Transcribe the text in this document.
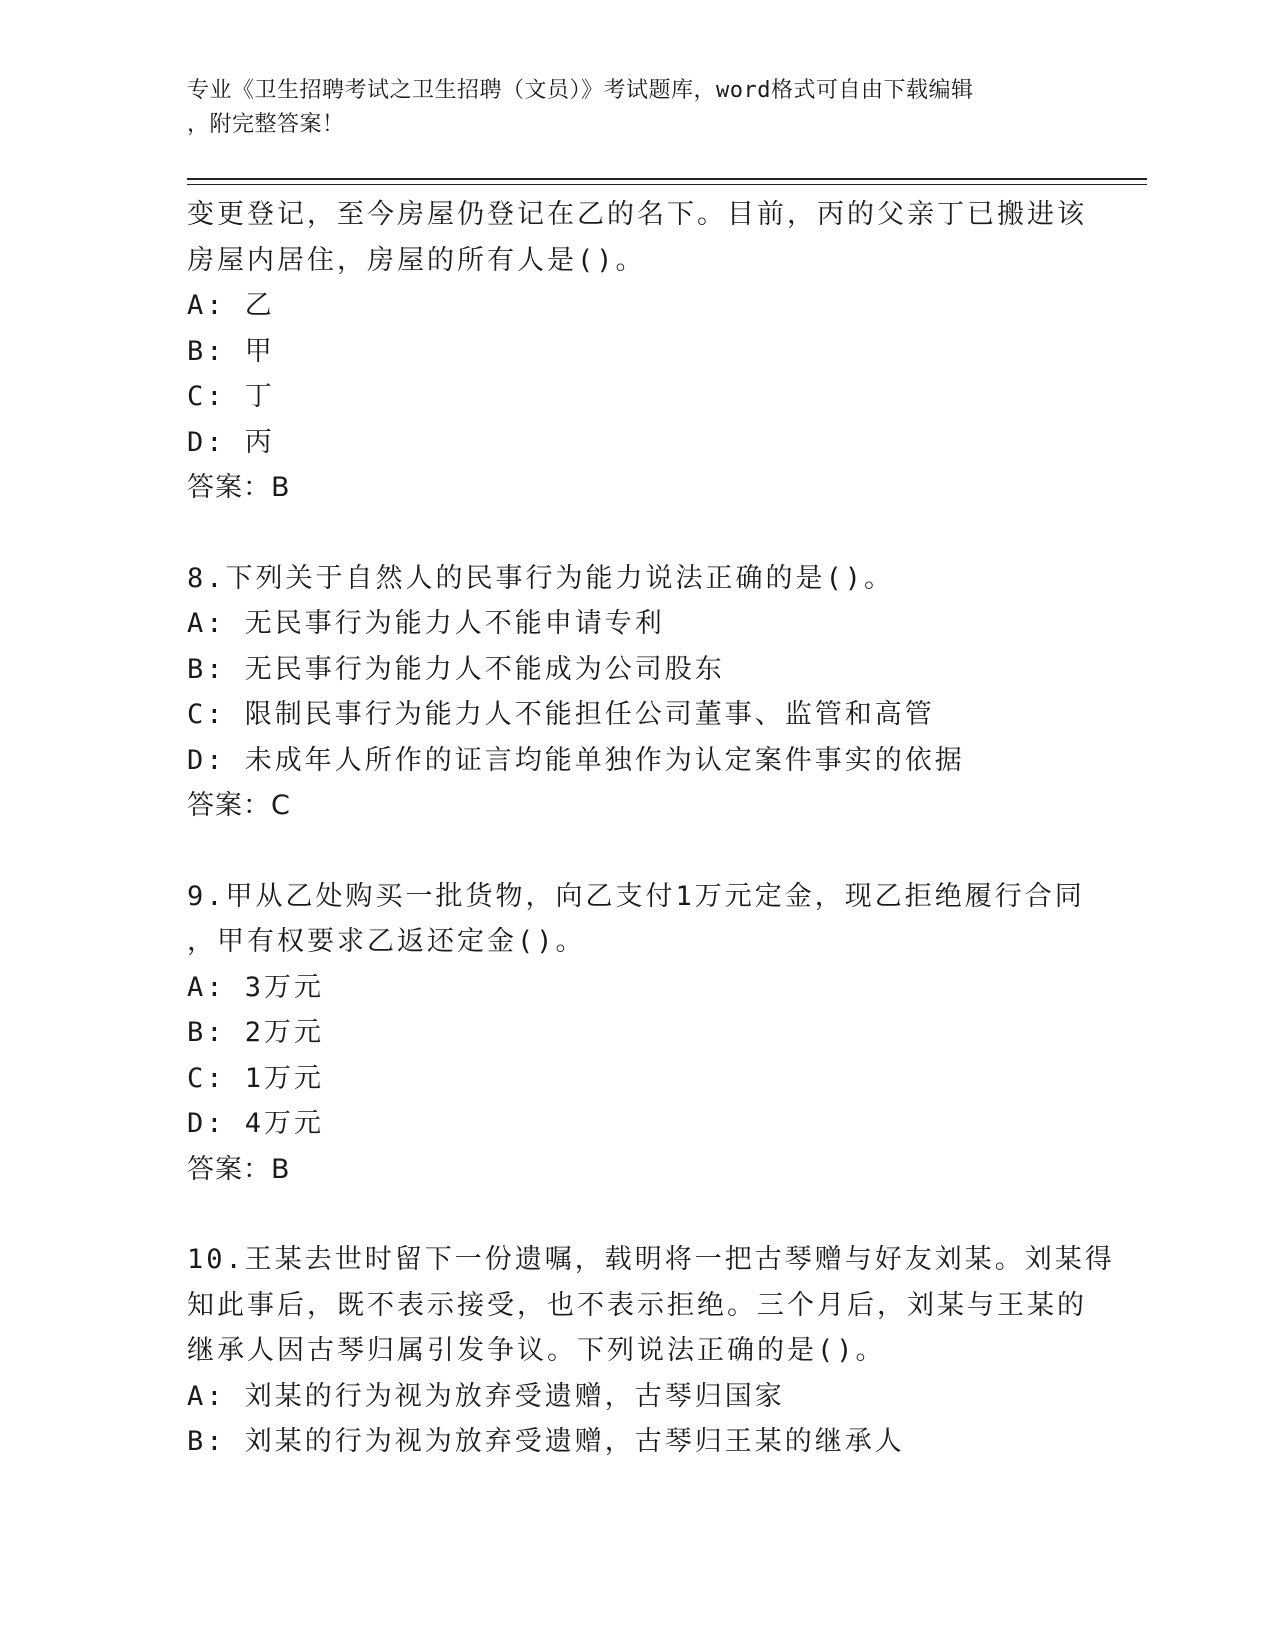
专业《卫生招聘考试之卫生招聘（文员）》考试题库，word格式可自由下载编辑
，附完整答案！
变更登记，至今房屋仍登记在乙的名下。目前，丙的父亲丁已搬进该
房屋内居住，房屋的所有人是()。
A: 乙
B: 甲
C: 丁
D: 丙
答案：B
8.下列关于自然人的民事行为能力说法正确的是()。
A: 无民事行为能力人不能申请专利
B: 无民事行为能力人不能成为公司股东
C: 限制民事行为能力人不能担任公司董事、监管和高管
D: 未成年人所作的证言均能单独作为认定案件事实的依据
答案：C
9.甲从乙处购买一批货物，向乙支付1万元定金，现乙拒绝履行合同
，甲有权要求乙返还定金()。
A: 3万元
B: 2万元
C: 1万元
D: 4万元
答案：B
10.王某去世时留下一份遗嘱，载明将一把古琴赠与好友刘某。刘某得
知此事后，既不表示接受，也不表示拒绝。三个月后，刘某与王某的
继承人因古琴归属引发争议。下列说法正确的是()。
A: 刘某的行为视为放弃受遗赠，古琴归国家
B: 刘某的行为视为放弃受遗赠，古琴归王某的继承人
